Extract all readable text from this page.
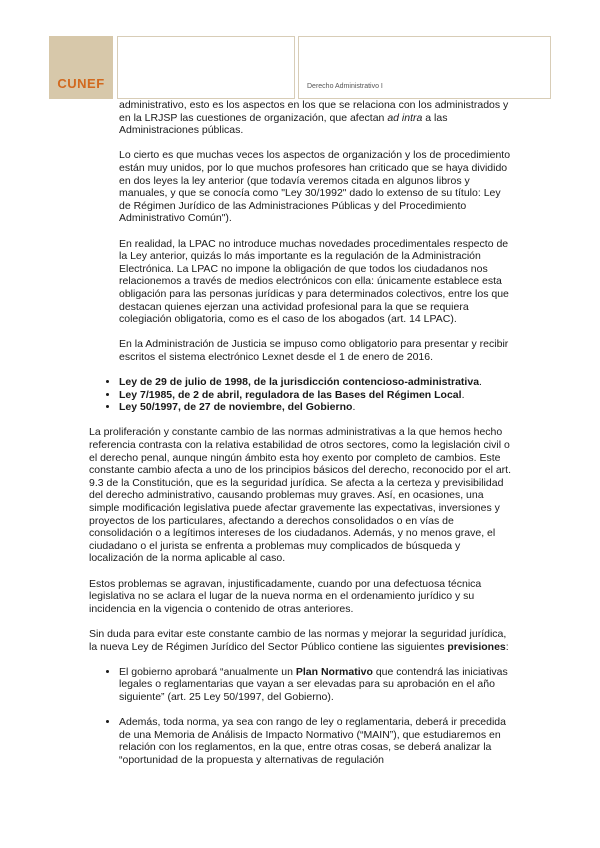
CUNEF	Derecho Administrativo I

administrativo, esto es los aspectos en los que se relaciona con los administrados y en la LRJSP las cuestiones de organización, que afectan ad intra a las Administraciones públicas.

Lo cierto es que muchas veces los aspectos de organización y los de procedimiento están muy unidos, por lo que muchos profesores han criticado que se haya dividido en dos leyes la ley anterior (que todavía veremos citada en algunos libros y manuales, y que se conocía como "Ley 30/1992" dado lo extenso de su título: Ley de Régimen Jurídico de las Administraciones Públicas y del Procedimiento Administrativo Común").

En realidad, la LPAC no introduce muchas novedades procedimentales respecto de la Ley anterior, quizás lo más importante es la regulación de la Administración Electrónica. La LPAC no impone la obligación de que todos los ciudadanos nos relacionemos a través de medios electrónicos con ella: únicamente establece esta obligación para las personas jurídicas y para determinados colectivos, entre los que destacan quienes ejerzan una actividad profesional para la que se requiera colegiación obligatoria, como es el caso de los abogados (art. 14 LPAC).

En la Administración de Justicia se impuso como obligatorio para presentar y recibir escritos el sistema electrónico Lexnet desde el 1 de enero de 2016.

• Ley de 29 de julio de 1998, de la jurisdicción contencioso-administrativa.
• Ley 7/1985, de 2 de abril, reguladora de las Bases del Régimen Local.
• Ley 50/1997, de 27 de noviembre, del Gobierno.

La proliferación y constante cambio de las normas administrativas a la que hemos hecho referencia contrasta con la relativa estabilidad de otros sectores, como la legislación civil o el derecho penal, aunque ningún ámbito esta hoy exento por completo de cambios. Este constante cambio afecta a uno de los principios básicos del derecho, reconocido por el art. 9.3 de la Constitución, que es la seguridad jurídica. Se afecta a la certeza y previsibilidad del derecho administrativo, causando problemas muy graves. Así, en ocasiones, una simple modificación legislativa puede afectar gravemente las expectativas, inversiones y proyectos de los particulares, afectando a derechos consolidados o en vías de consolidación o a legítimos intereses de los ciudadanos. Además, y no menos grave, el ciudadano o el jurista se enfrenta a problemas muy complicados de búsqueda y localización de la norma aplicable al caso.

Estos problemas se agravan, injustificadamente, cuando por una defectuosa técnica legislativa no se aclara el lugar de la nueva norma en el ordenamiento jurídico y su incidencia en la vigencia o contenido de otras anteriores.

Sin duda para evitar este constante cambio de las normas y mejorar la seguridad jurídica, la nueva Ley de Régimen Jurídico del Sector Público contiene las siguientes previsiones:

• El gobierno aprobará “anualmente un Plan Normativo que contendrá las iniciativas legales o reglamentarias que vayan a ser elevadas para su aprobación en el año siguiente” (art. 25 Ley 50/1997, del Gobierno).
• Además, toda norma, ya sea con rango de ley o reglamentaria, deberá ir precedida de una Memoria de Análisis de Impacto Normativo (“MAIN”), que estudiaremos en relación con los reglamentos, en la que, entre otras cosas, se deberá analizar la “oportunidad de la propuesta y alternativas de regulación
